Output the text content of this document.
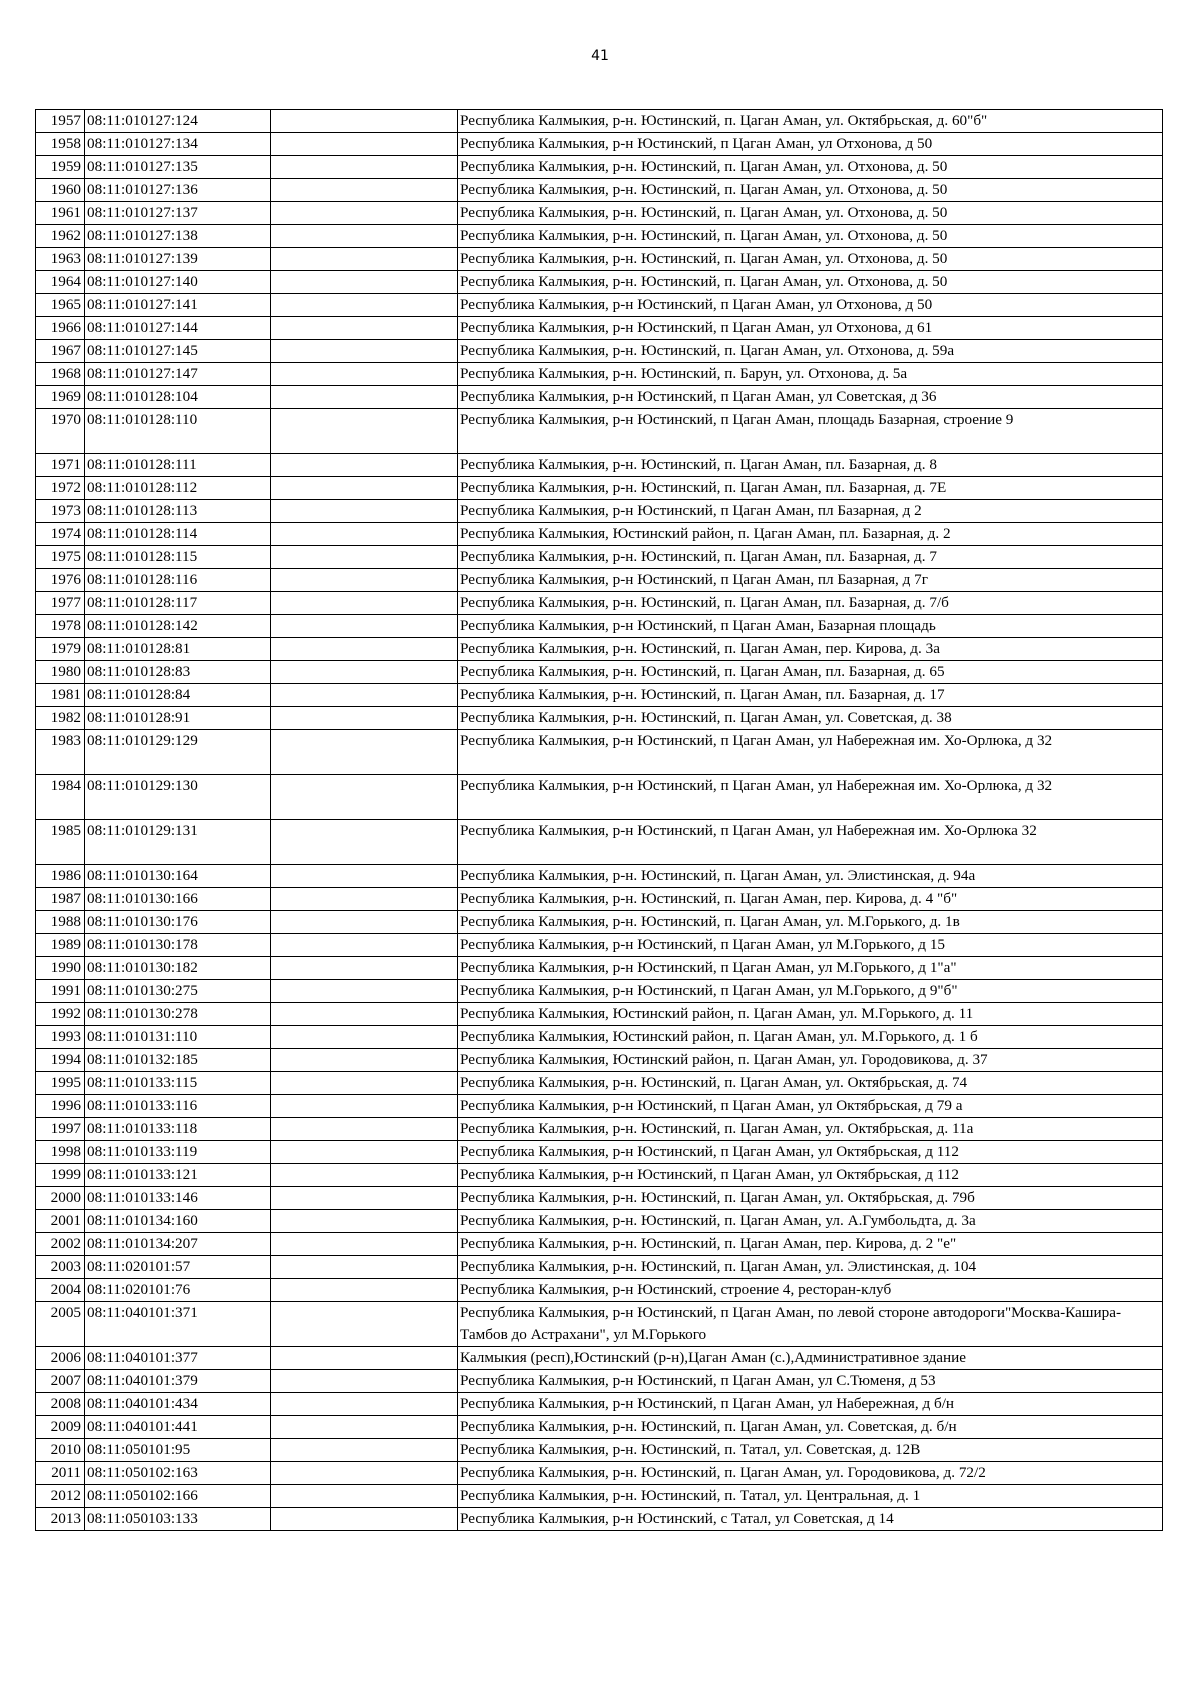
41
1957	08:11:010127:124		Республика Калмыкия, р-н. Юстинский, п. Цаган Аман, ул. Октябрьская, д. 60"б"
1958	08:11:010127:134		Республика Калмыкия, р-н Юстинский, п Цаган Аман, ул Отхонова, д 50
1959	08:11:010127:135		Республика Калмыкия, р-н. Юстинский, п. Цаган Аман, ул. Отхонова, д. 50
1960	08:11:010127:136		Республика Калмыкия, р-н. Юстинский, п. Цаган Аман, ул. Отхонова, д. 50
1961	08:11:010127:137		Республика Калмыкия, р-н. Юстинский, п. Цаган Аман, ул. Отхонова, д. 50
1962	08:11:010127:138		Республика Калмыкия, р-н. Юстинский, п. Цаган Аман, ул. Отхонова, д. 50
1963	08:11:010127:139		Республика Калмыкия, р-н. Юстинский, п. Цаган Аман, ул. Отхонова, д. 50
1964	08:11:010127:140		Республика Калмыкия, р-н. Юстинский, п. Цаган Аман, ул. Отхонова, д. 50
1965	08:11:010127:141		Республика Калмыкия, р-н Юстинский, п Цаган Аман, ул Отхонова, д 50
1966	08:11:010127:144		Республика Калмыкия, р-н Юстинский, п Цаган Аман, ул Отхонова, д 61
1967	08:11:010127:145		Республика Калмыкия, р-н. Юстинский, п. Цаган Аман, ул. Отхонова, д. 59а
1968	08:11:010127:147		Республика Калмыкия, р-н. Юстинский, п. Барун, ул. Отхонова, д. 5а
1969	08:11:010128:104		Республика Калмыкия, р-н Юстинский, п Цаган Аман, ул Советская, д 36
1970	08:11:010128:110		Республика Калмыкия, р-н Юстинский, п Цаган Аман, площадь Базарная, строение 9
1971	08:11:010128:111		Республика Калмыкия, р-н. Юстинский, п. Цаган Аман, пл. Базарная, д. 8
1972	08:11:010128:112		Республика Калмыкия, р-н. Юстинский, п. Цаган Аман, пл. Базарная, д. 7Е
1973	08:11:010128:113		Республика Калмыкия, р-н Юстинский, п Цаган Аман, пл Базарная, д 2
1974	08:11:010128:114		Республика Калмыкия, Юстинский район, п. Цаган Аман, пл. Базарная, д. 2
1975	08:11:010128:115		Республика Калмыкия, р-н. Юстинский, п. Цаган Аман, пл. Базарная, д. 7
1976	08:11:010128:116		Республика Калмыкия, р-н Юстинский, п Цаган Аман, пл Базарная, д 7г
1977	08:11:010128:117		Республика Калмыкия, р-н. Юстинский, п. Цаган Аман, пл. Базарная, д. 7/б
1978	08:11:010128:142		Республика Калмыкия, р-н Юстинский, п Цаган Аман, Базарная площадь
1979	08:11:010128:81		Республика Калмыкия, р-н. Юстинский, п. Цаган Аман, пер. Кирова, д. 3а
1980	08:11:010128:83		Республика Калмыкия, р-н. Юстинский, п. Цаган Аман, пл. Базарная, д. 65
1981	08:11:010128:84		Республика Калмыкия, р-н. Юстинский, п. Цаган Аман, пл. Базарная, д. 17
1982	08:11:010128:91		Республика Калмыкия, р-н. Юстинский, п. Цаган Аман, ул. Советская, д. 38
1983	08:11:010129:129		Республика Калмыкия, р-н Юстинский, п Цаган Аман, ул Набережная им. Хо-Орлюка, д 32
1984	08:11:010129:130		Республика Калмыкия, р-н Юстинский, п Цаган Аман, ул Набережная им. Хо-Орлюка, д 32
1985	08:11:010129:131		Республика Калмыкия, р-н Юстинский, п Цаган Аман, ул Набережная им. Хо-Орлюка 32
1986	08:11:010130:164		Республика Калмыкия, р-н. Юстинский, п. Цаган Аман, ул. Элистинская, д. 94а
1987	08:11:010130:166		Республика Калмыкия, р-н. Юстинский, п. Цаган Аман, пер. Кирова, д. 4 "б"
1988	08:11:010130:176		Республика Калмыкия, р-н. Юстинский, п. Цаган Аман, ул. М.Горького, д. 1в
1989	08:11:010130:178		Республика Калмыкия, р-н Юстинский, п Цаган Аман, ул М.Горького, д 15
1990	08:11:010130:182		Республика Калмыкия, р-н Юстинский, п Цаган Аман, ул М.Горького, д 1"а"
1991	08:11:010130:275		Республика Калмыкия, р-н Юстинский, п Цаган Аман, ул М.Горького, д 9"б"
1992	08:11:010130:278		Республика Калмыкия, Юстинский район, п. Цаган Аман, ул. М.Горького, д. 11
1993	08:11:010131:110		Республика Калмыкия, Юстинский район, п. Цаган Аман, ул. М.Горького, д. 1 б
1994	08:11:010132:185		Республика Калмыкия, Юстинский район, п. Цаган Аман, ул. Городовикова, д. 37
1995	08:11:010133:115		Республика Калмыкия, р-н. Юстинский, п. Цаган Аман, ул. Октябрьская, д. 74
1996	08:11:010133:116		Республика Калмыкия, р-н Юстинский, п Цаган Аман, ул Октябрьская, д 79 а
1997	08:11:010133:118		Республика Калмыкия, р-н. Юстинский, п. Цаган Аман, ул. Октябрьская, д. 11а
1998	08:11:010133:119		Республика Калмыкия, р-н Юстинский, п Цаган Аман, ул Октябрьская, д 112
1999	08:11:010133:121		Республика Калмыкия, р-н Юстинский, п Цаган Аман, ул Октябрьская, д 112
2000	08:11:010133:146		Республика Калмыкия, р-н. Юстинский, п. Цаган Аман, ул. Октябрьская, д. 79б
2001	08:11:010134:160		Республика Калмыкия, р-н. Юстинский, п. Цаган Аман, ул. А.Гумбольдта, д. 3а
2002	08:11:010134:207		Республика Калмыкия, р-н. Юстинский, п. Цаган Аман, пер. Кирова, д. 2 "е"
2003	08:11:020101:57		Республика Калмыкия, р-н. Юстинский, п. Цаган Аман, ул. Элистинская, д. 104
2004	08:11:020101:76		Республика Калмыкия, р-н Юстинский, строение 4, ресторан-клуб
2005	08:11:040101:371		Республика Калмыкия, р-н Юстинский, п Цаган Аман, по левой стороне автодороги"Москва-Кашира-Тамбов до Астрахани", ул М.Горького
2006	08:11:040101:377		Калмыкия (респ),Юстинский (р-н),Цаган Аман (с.),Административное здание
2007	08:11:040101:379		Республика Калмыкия, р-н Юстинский, п Цаган Аман, ул С.Тюменя, д 53
2008	08:11:040101:434		Республика Калмыкия, р-н Юстинский, п Цаган Аман, ул Набережная, д б/н
2009	08:11:040101:441		Республика Калмыкия, р-н. Юстинский, п. Цаган Аман, ул. Советская, д. б/н
2010	08:11:050101:95		Республика Калмыкия, р-н. Юстинский, п. Татал, ул. Советская, д. 12В
2011	08:11:050102:163		Республика Калмыкия, р-н. Юстинский, п. Цаган Аман, ул. Городовикова, д. 72/2
2012	08:11:050102:166		Республика Калмыкия, р-н. Юстинский, п. Татал, ул. Центральная, д. 1
2013	08:11:050103:133		Республика Калмыкия, р-н Юстинский, с Татал, ул Советская, д 14
